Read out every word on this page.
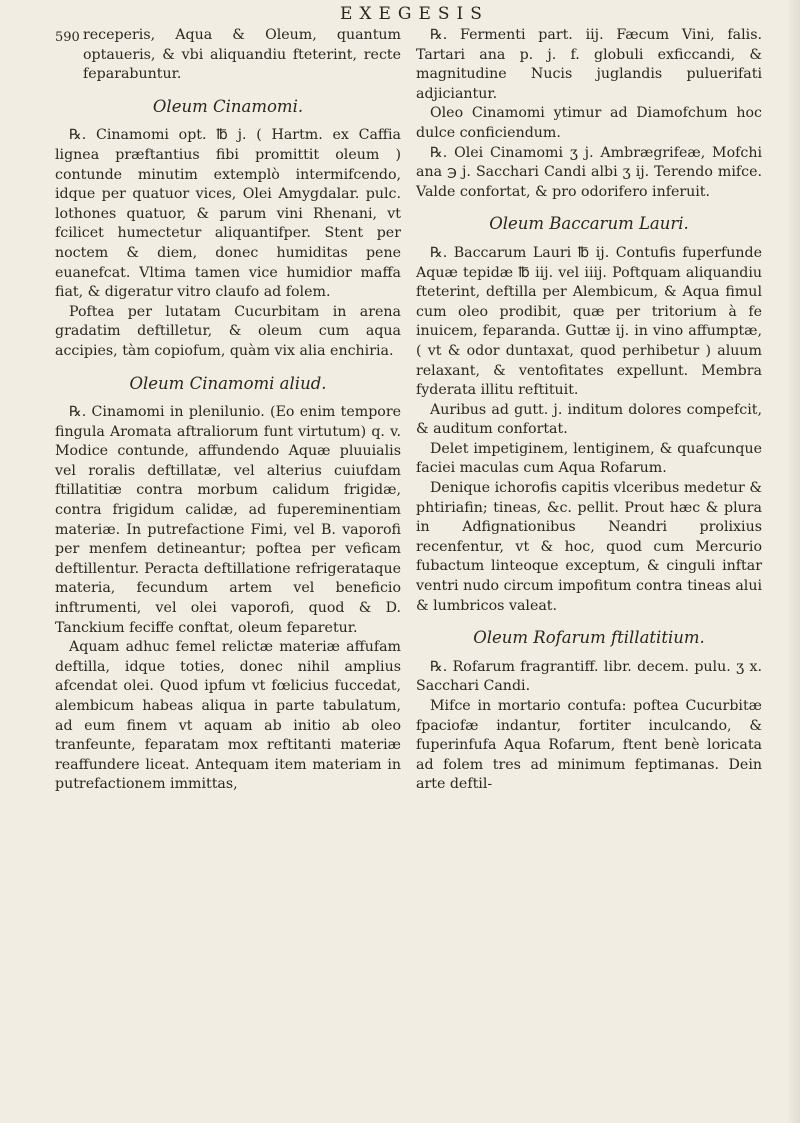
590
EXEGESIS

receperis, Aqua & Oleum, quantum optaueris, & vbi aliquandiu fteterint, recte feparabuntur.

Oleum Cinamomi.

℞. Cinamomi opt. ℔ j. ( Hartm. ex Caffia lignea præftantius fibi promittit oleum ) contunde minutim extemplò intermifcendo, idque per quatuor vices, Olei Amygdalar. pulc. lothones quatuor, & parum vini Rhenani, vt fcilicet humectetur aliquantifper. Stent per noctem & diem, donec humiditas pene euanefcat. Vltima tamen vice humidior maffa fiat, & digeratur vitro claufo ad folem.

Poftea per lutatam Cucurbitam in arena gradatim deftilletur, & oleum cum aqua accipies, tàm copiofum, quàm vix alia enchiria.

Oleum Cinamomi aliud.

℞. Cinamomi in plenilunio. (Eo enim tempore fingula Aromata aftraliorum funt virtutum) q. v. Modice contunde, affundendo Aquæ pluuialis vel roralis deftillatæ, vel alterius cuiufdam ftillatitiæ contra morbum calidum frigidæ, contra frigidum calidæ, ad fupereminentiam materiæ. In putrefactione Fimi, vel B. vaporofi per menfem detineantur; poftea per veficam deftillentur. Peracta deftillatione refrigerataque materia, fecundum artem vel beneficio inftrumenti, vel olei vaporofi, quod & D. Tanckium feciffe conftat, oleum feparetur.

Aquam adhuc femel relictæ materiæ affufam deftilla, idque toties, donec nihil amplius afcendat olei. Quod ipfum vt fœlicius fuccedat, alembicum habeas aliqua in parte tabulatum, ad eum finem vt aquam ab initio ab oleo tranfeunte, feparatam mox reftitanti materiæ reaffundere liceat. Antequam item materiam in putrefactionem immittas,

℞. Fermenti part. iij. Fæcum Vini, falis. Tartari ana p. j. f. globuli exficcandi, & magnitudine Nucis juglandis puluerifati adjiciantur.

Oleo Cinamomi ytimur ad Diamofchum hoc dulce conficiendum.

℞. Olei Cinamomi ʒ j. Ambrægrifeæ, Mofchi ana ℈ j. Sacchari Candi albi ʒ ij. Terendo mifce. Valde confortat, & pro odorifero inferuit.

Oleum Baccarum Lauri.

℞. Baccarum Lauri ℔ ij. Contufis fuperfunde Aquæ tepidæ ℔ iij. vel iiij. Poftquam aliquandiu fteterint, deftilla per Alembicum, & Aqua fimul cum oleo prodibit, quæ per tritorium à fe inuicem, feparanda. Guttæ ij. in vino affumptæ, ( vt & odor duntaxat, quod perhibetur ) aluum relaxant, & ventofitates expellunt. Membra fyderata illitu reftituit.

Auribus ad gutt. j. inditum dolores compefcit, & auditum confortat.

Delet impetiginem, lentiginem, & quafcunque faciei maculas cum Aqua Rofarum.

Denique ichorofis capitis vlceribus medetur & phtiriafin; tineas, &c. pellit. Prout hæc & plura in Adfignationibus Neandri prolixius recenfentur, vt & hoc, quod cum Mercurio fubactum linteoque exceptum, & cinguli inftar ventri nudo circum impofitum contra tineas alui & lumbricos valeat.

Oleum Rofarum ftillatitium.

℞. Rofarum fragrantiff. libr. decem. pulu. ʒ x. Sacchari Candi.

Mifce in mortario contufa: poftea Cucurbitæ fpaciofæ indantur, fortiter inculcando, & fuperinfufa Aqua Rofarum, ftent benè loricata ad folem tres ad minimum feptimanas. Dein arte deftil-
